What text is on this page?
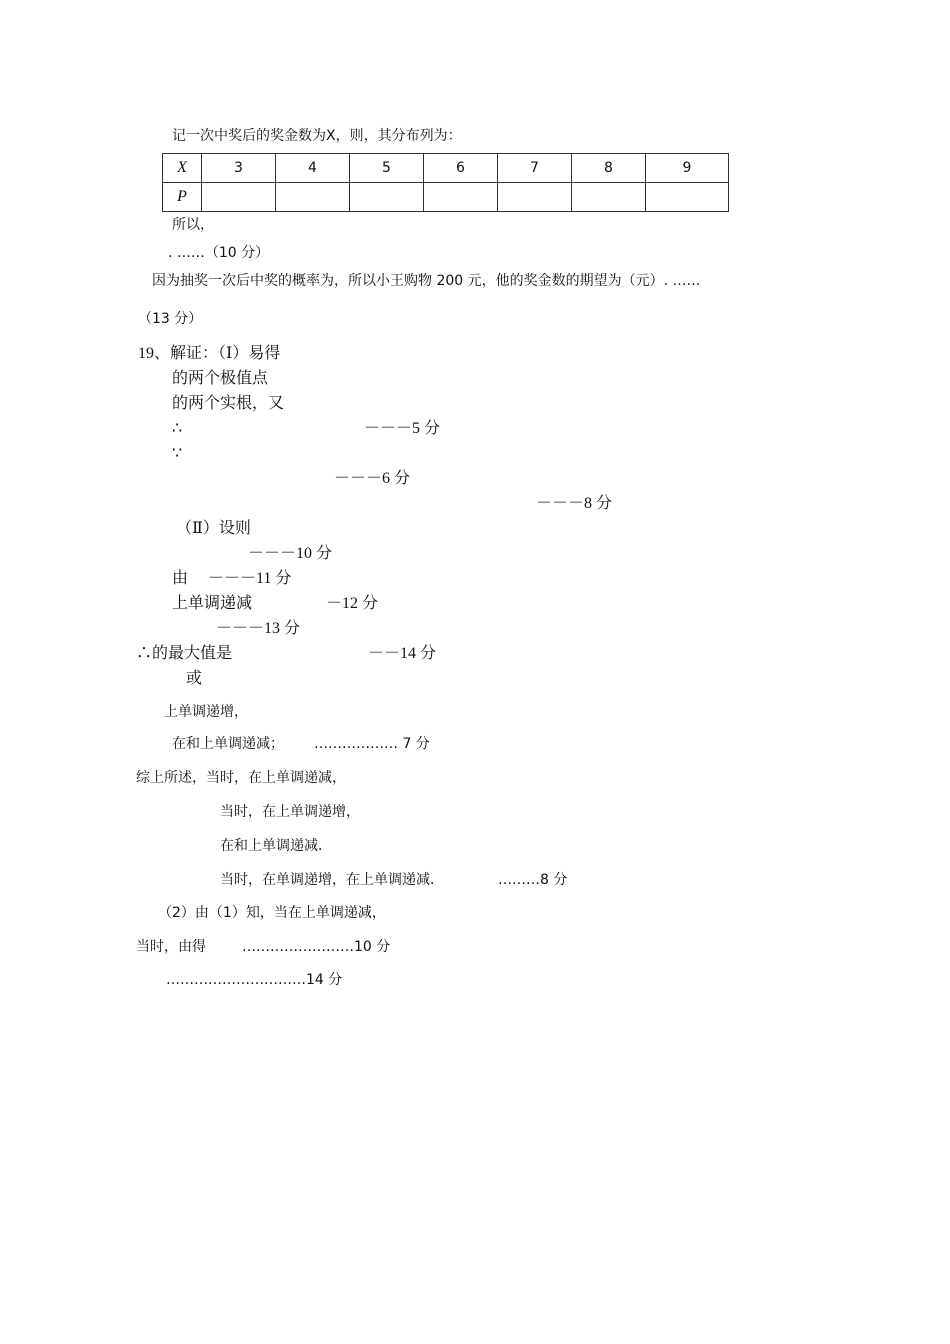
记一次中奖后的奖金数为X，则，其分布列为：
X	3	4	5	6	7	8	9
P							
所以，
. ……（10 分）
因为抽奖一次后中奖的概率为，所以小王购物 200 元，他的奖金数的期望为（元）. ……
（13 分）
19、解证：（Ⅰ）易得
的两个极值点
的两个实根，又
∴	－－－5 分
∵
－－－6 分
－－－8 分
（Ⅱ）设则
－－－10 分
由 －－－11 分
上单调递减	－12 分
－－－13 分
∴的最大值是	－－14 分
或
上单调递增，
在和上单调递减； ……………… 7 分
综上所述，当时，在上单调递减，
当时，在上单调递增，
在和上单调递减.
当时，在单调递增，在上单调递减.	………8 分
（2）由（1）知，当在上单调递减，
当时，由得	……………………10 分
…………………………14 分
